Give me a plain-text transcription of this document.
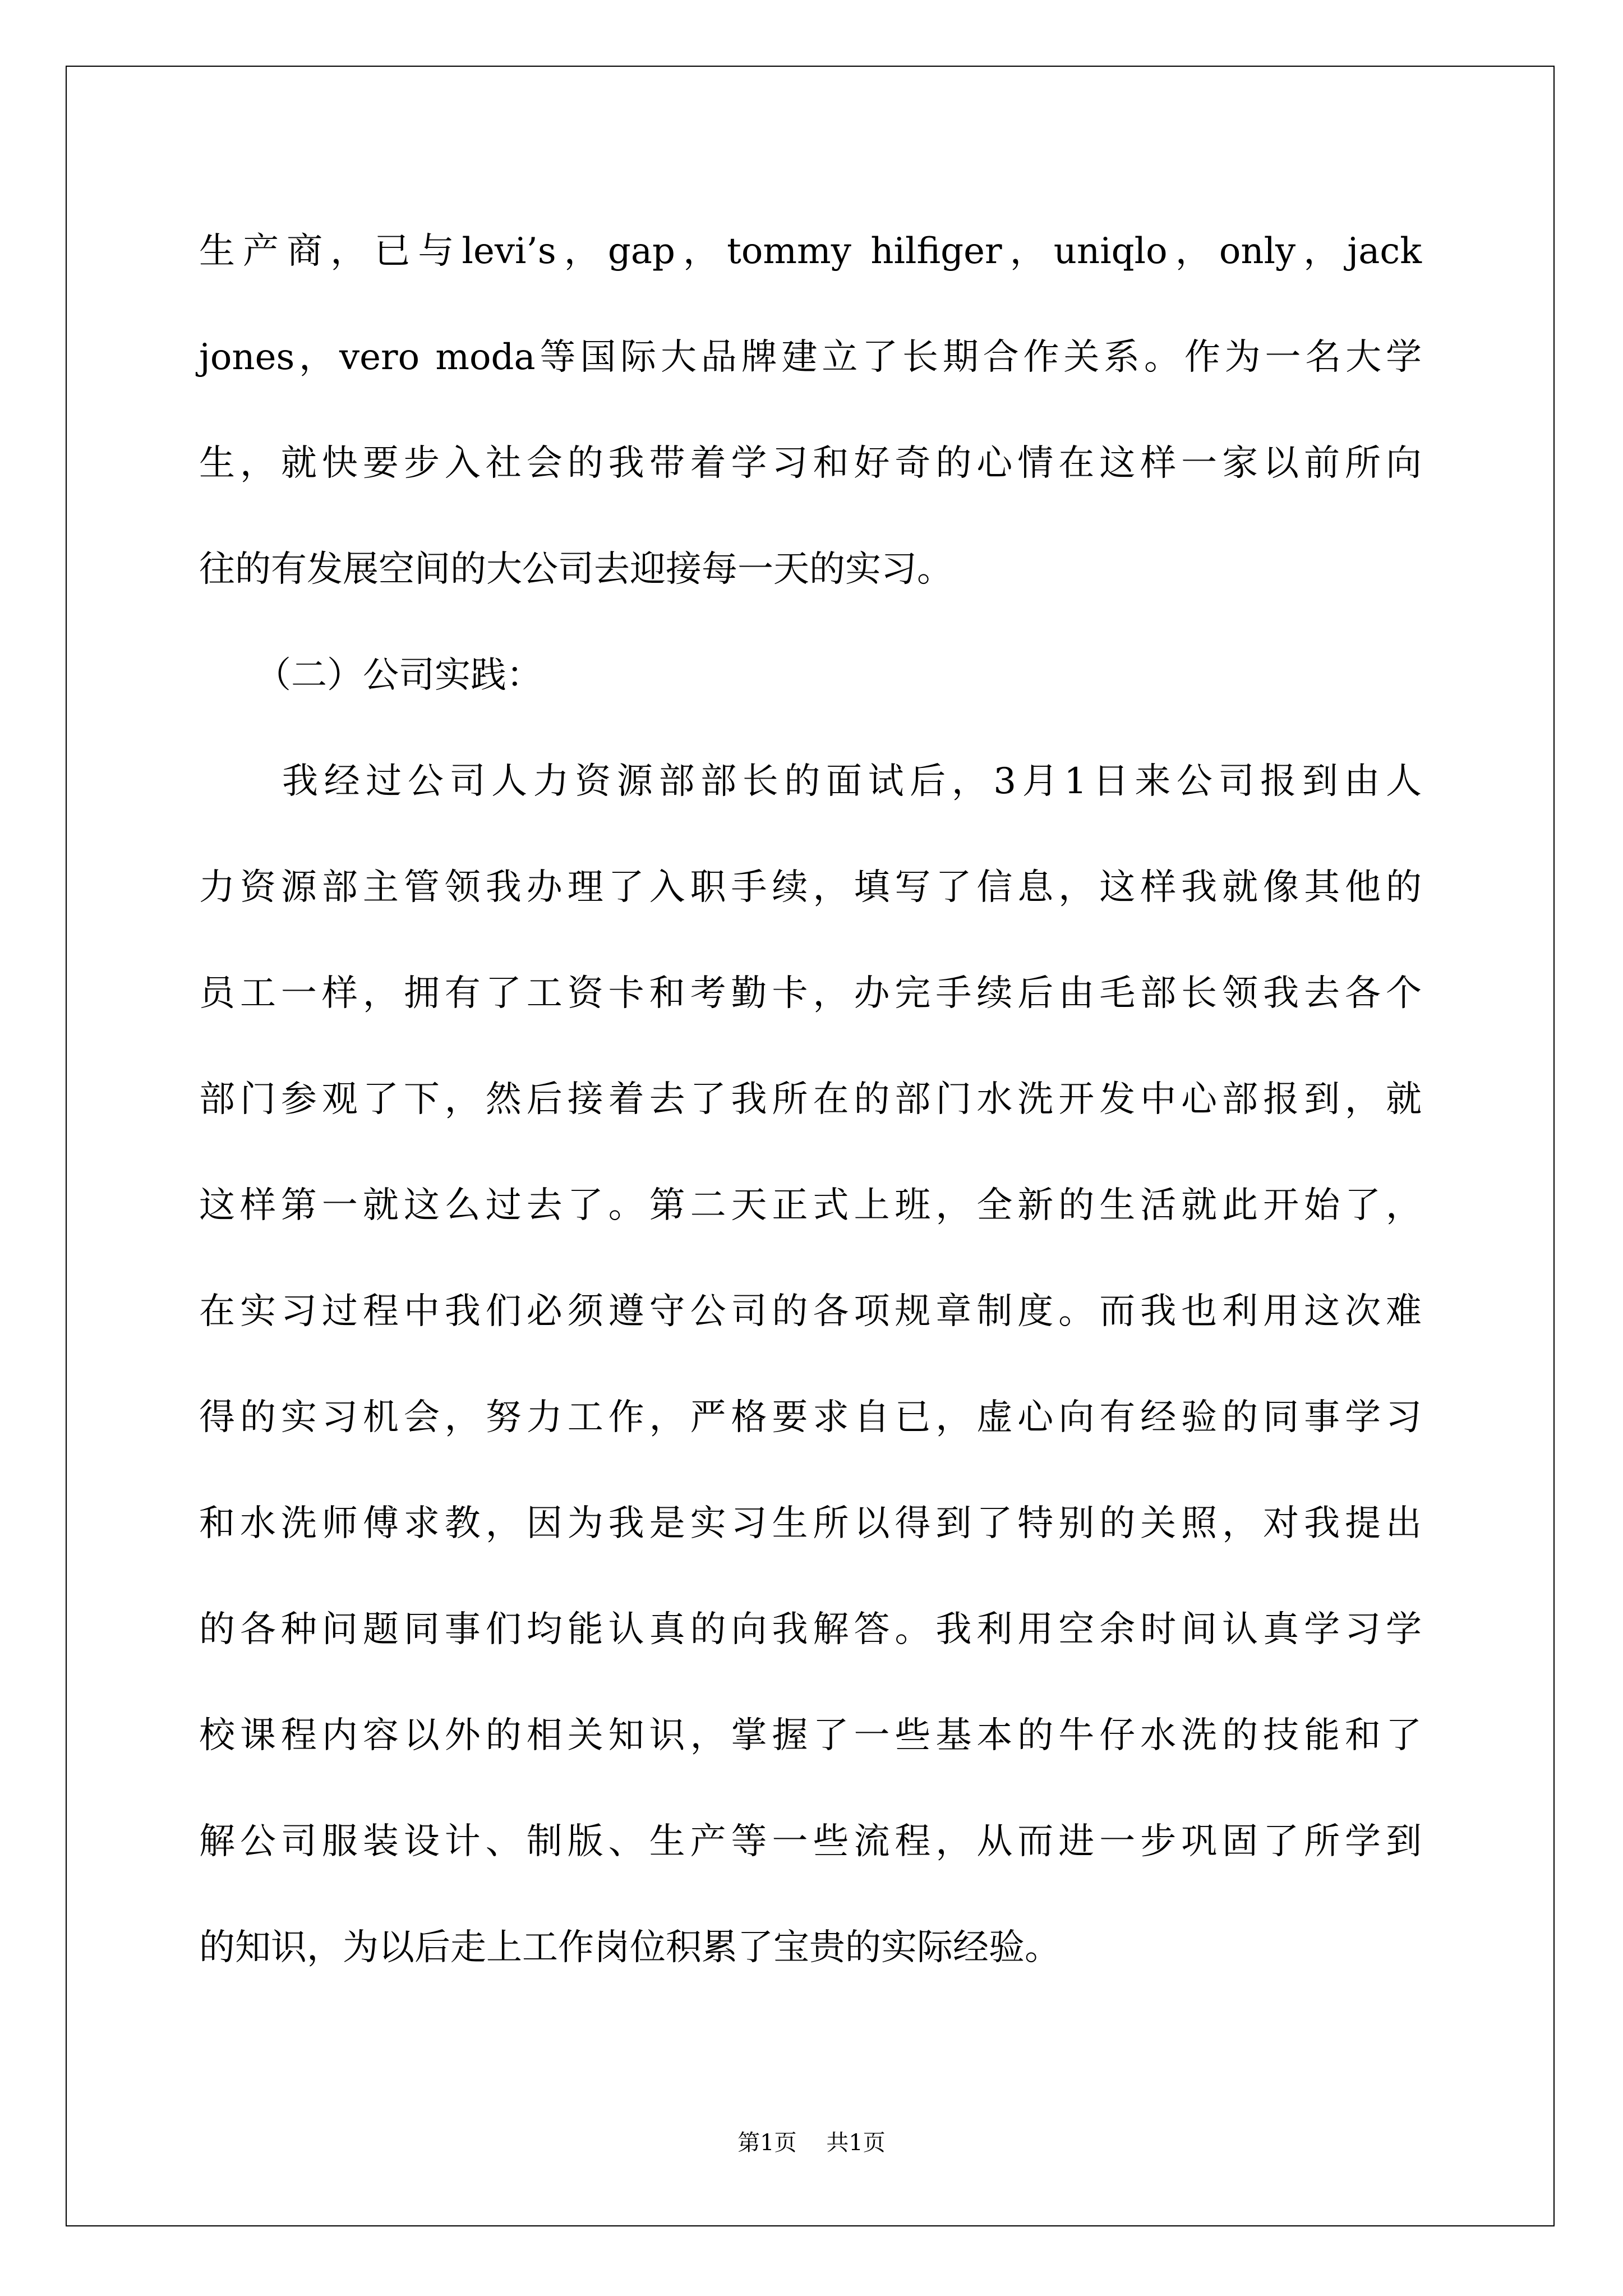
生产商，已与levi’s，gap，tommy hilfiger，uniqlo，only，jack
jones，vero moda等国际大品牌建立了长期合作关系。作为一名大学
生，就快要步入社会的我带着学习和好奇的心情在这样一家以前所向
往的有发展空间的大公司去迎接每一天的实习。
（二）公司实践：
我经过公司人力资源部部长的面试后，3月1日来公司报到由人
力资源部主管领我办理了入职手续，填写了信息，这样我就像其他的
员工一样，拥有了工资卡和考勤卡，办完手续后由毛部长领我去各个
部门参观了下，然后接着去了我所在的部门水洗开发中心部报到，就
这样第一就这么过去了。第二天正式上班，全新的生活就此开始了，
在实习过程中我们必须遵守公司的各项规章制度。而我也利用这次难
得的实习机会，努力工作，严格要求自已，虚心向有经验的同事学习
和水洗师傅求教，因为我是实习生所以得到了特别的关照，对我提出
的各种问题同事们均能认真的向我解答。我利用空余时间认真学习学
校课程内容以外的相关知识，掌握了一些基本的牛仔水洗的技能和了
解公司服装设计、制版、生产等一些流程，从而进一步巩固了所学到
的知识，为以后走上工作岗位积累了宝贵的实际经验。
第1页 共1页
